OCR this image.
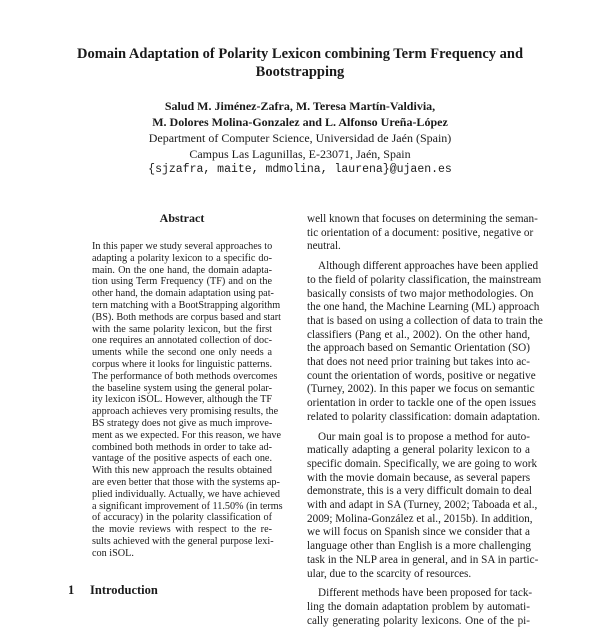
Domain Adaptation of Polarity Lexicon combining Term Frequency and
Bootstrapping
Salud M. Jiménez-Zafra, M. Teresa Martín-Valdivia,
M. Dolores Molina-Gonzalez and L. Alfonso Ureña-López
Department of Computer Science, Universidad de Jaén (Spain)
Campus Las Lagunillas, E-23071, Jaén, Spain
{sjzafra, maite, mdmolina, laurena}@ujaen.es
Abstract
In this paper we study several approaches to
adapting a polarity lexicon to a specific do-
main. On the one hand, the domain adapta-
tion using Term Frequency (TF) and on the
other hand, the domain adaptation using pat-
tern matching with a BootStrapping algorithm
(BS). Both methods are corpus based and start
with the same polarity lexicon, but the first
one requires an annotated collection of doc-
uments while the second one only needs a
corpus where it looks for linguistic patterns.
The performance of both methods overcomes
the baseline system using the general polar-
ity lexicon iSOL. However, although the TF
approach achieves very promising results, the
BS strategy does not give as much improve-
ment as we expected. For this reason, we have
combined both methods in order to take ad-
vantage of the positive aspects of each one.
With this new approach the results obtained
are even better that those with the systems ap-
plied individually. Actually, we have achieved
a significant improvement of 11.50% (in terms
of accuracy) in the polarity classification of
the movie reviews with respect to the re-
sults achieved with the general purpose lexi-
con iSOL.
1 Introduction
well known that focuses on determining the seman-
tic orientation of a document: positive, negative or
neutral.
Although different approaches have been applied
to the field of polarity classification, the mainstream
basically consists of two major methodologies. On
the one hand, the Machine Learning (ML) approach
that is based on using a collection of data to train the
classifiers (Pang et al., 2002). On the other hand,
the approach based on Semantic Orientation (SO)
that does not need prior training but takes into ac-
count the orientation of words, positive or negative
(Turney, 2002). In this paper we focus on semantic
orientation in order to tackle one of the open issues
related to polarity classification: domain adaptation.
Our main goal is to propose a method for auto-
matically adapting a general polarity lexicon to a
specific domain. Specifically, we are going to work
with the movie domain because, as several papers
demonstrate, this is a very difficult domain to deal
with and adapt in SA (Turney, 2002; Taboada et al.,
2009; Molina-González et al., 2015b). In addition,
we will focus on Spanish since we consider that a
language other than English is a more challenging
task in the NLP area in general, and in SA in partic-
ular, due to the scarcity of resources.
Different methods have been proposed for tack-
ling the domain adaptation problem by automati-
cally generating polarity lexicons. One of the pi-
